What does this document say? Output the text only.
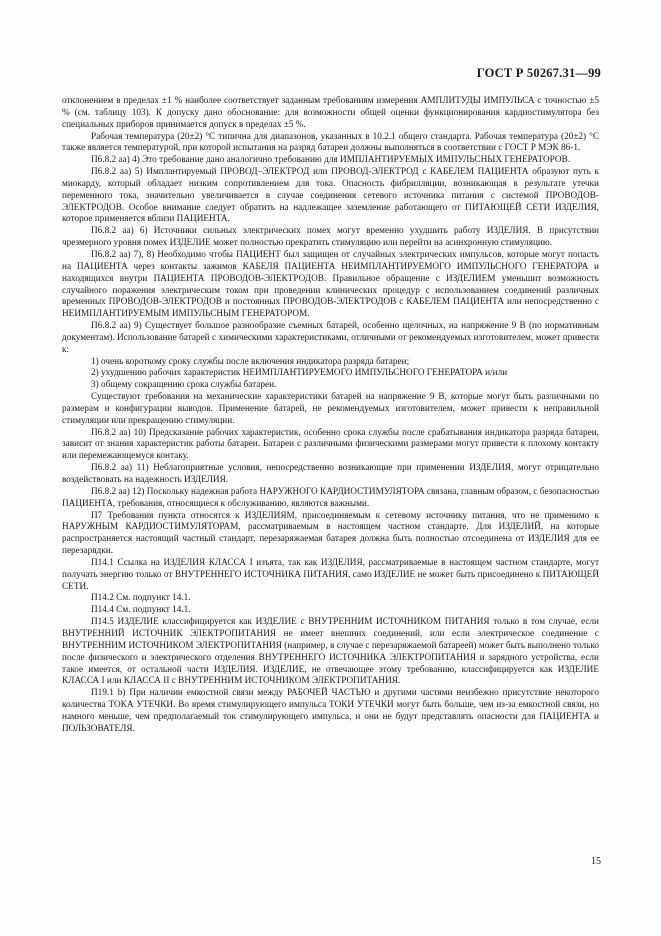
ГОСТ Р 50267.31—99

отклонением в пределах ±1 % наиболее соответствует заданным требованиям измерения АМПЛИТУДЫ ИМПУЛЬСА с точностью ±5 % (см. таблицу 103). К допуску дано обоснование: для возможности общей оценки функционирования кардиостимулятора без специальных приборов принимается допуск в пределах ±5 %.

Рабочая температура (20±2) °С типична для диапазонов, указанных в 10.2.1 общего стандарта. Рабочая температура (20±2) °С также является температурой, при которой испытания на разряд батареи должны выполняться в соответствии с ГОСТ Р МЭК 86-1.

П6.8.2 аа) 4) Это требование дано аналогично требованию для ИМПЛАНТИРУЕМЫХ ИМПУЛЬСНЫХ ГЕНЕРАТОРОВ.

П6.8.2 аа) 5) Имплантируемый ПРОВОД–ЭЛЕКТРОД или ПРОВОД-ЭЛЕКТРОД с КАБЕЛЕМ ПАЦИЕНТА образуют путь к миокарду, который обладает низким сопротивлением для тока. Опасность фибрилляции, возникающая в результате утечки переменного тока, значительно увеличивается в случае соединения сетевого источника питания с системой ПРОВОДОВ-ЭЛЕКТРОДОВ. Особое внимание следует обратить на надлежащее заземление работающего от ПИТАЮЩЕЙ СЕТИ ИЗДЕЛИЯ, которое применяется вблизи ПАЦИЕНТА.

П6.8.2 аа) 6) Источники сильных электрических помех могут временно ухудшить работу ИЗДЕЛИЯ. В присутствии чрезмерного уровня помех ИЗДЕЛИЕ может полностью прекратить стимуляцию или перейти на асинхронную стимуляцию.

П6.8.2 аа) 7), 8) Необходимо чтобы ПАЦИЕНТ был защищен от случайных электрических импульсов, которые могут попасть на ПАЦИЕНТА через контакты зажимов КАБЕЛЯ ПАЦИЕНТА НЕИМПЛАНТИРУЕМОГО ИМПУЛЬСНОГО ГЕНЕРАТОРА и находящихся внутри ПАЦИЕНТА ПРОВОДОВ-ЭЛЕКТРОДОВ. Правильное обращение с ИЗДЕЛИЕМ уменьшит возможность случайного поражения электрическим током при проведении клинических процедур с использованием соединений различных временных ПРОВОДОВ-ЭЛЕКТРОДОВ и постоянных ПРОВОДОВ-ЭЛЕКТРОДОВ с КАБЕЛЕМ ПАЦИЕНТА или непосредственно с НЕИМПЛАНТИРУЕМЫМ ИМПУЛЬСНЫМ ГЕНЕРАТОРОМ.

П6.8.2 аа) 9) Существует большое разнообразие съемных батарей, особенно щелочных, на напряжение 9 В (по нормативным документам). Использование батарей с химическими характеристиками, отличными от рекомендуемых изготовителем, может привести к:

1) очень короткому сроку службы после включения индикатора разряда батареи;

2) ухудшению рабочих характеристик НЕИМПЛАНТИРУЕМОГО ИМПУЛЬСНОГО ГЕНЕРАТОРА и/или

3) общему сокращению срока службы батареи.

Существуют требования на механические характеристики батарей на напряжение 9 В, которые могут быть различными по размерам и конфигурации выводов. Применение батарей, не рекомендуемых изготовителем, может привести к неправильной стимуляции или прекращению стимуляции.

П6.8.2 аа) 10) Предсказание рабочих характеристик, особенно срока службы после срабатывания индикатора разряда батареи, зависит от знания характеристик работы батареи. Батареи с различными физическими размерами могут привести к плохому контакту или перемежающемуся контаку.

П6.8.2 аа) 11) Неблагоприятные условия, непосредственно возникающие при применении ИЗДЕЛИЯ, могут отрицательно воздействовать на надежность ИЗДЕЛИЯ.

П6.8.2 аа) 12) Поскольку надежная работа НАРУЖНОГО КАРДИОСТИМУЛЯТОРА связана, главным образом, с безопасностью ПАЦИЕНТА, требования, относящиеся к обслуживанию, являются важными.

П7 Требования пункта относятся к ИЗДЕЛИЯМ, присоединяемым к сетевому источнику питания, что не применимо к НАРУЖНЫМ КАРДИОСТИМУЛЯТОРАМ, рассматриваемым в настоящем частном стандарте. Для ИЗДЕЛИЙ, на которые распространяется настоящий частный стандарт, перезаряжаемая батарея должна быть полностью отсоединена от ИЗДЕЛИЯ для ее перезарядки.

П14.1 Ссылка на ИЗДЕЛИЯ КЛАССА I изъята, так как ИЗДЕЛИЯ, рассматриваемые в настоящем частном стандарте, могут получать энергию только от ВНУТРЕННЕГО ИСТОЧНИКА ПИТАНИЯ, само ИЗДЕЛИЕ не может быть присоединено к ПИТАЮЩЕЙ СЕТИ.

П14.2 См. подпункт 14.1.

П14.4 См. подпункт 14.1.

П14.5 ИЗДЕЛИЕ классифицируется как ИЗДЕЛИЕ с ВНУТРЕННИМ ИСТОЧНИКОМ ПИТАНИЯ только в том случае, если ВНУТРЕННИЙ ИСТОЧНИК ЭЛЕКТРОПИТАНИЯ не имеет внешних соединений, или если электрическое соединение с ВНУТРЕННИМ ИСТОЧНИКОМ ЭЛЕКТРОПИТАНИЯ (например, в случае с перезаряжаемой батареей) может быть выполнено только после физического и электрического отделения ВНУТРЕННЕГО ИСТОЧНИКА ЭЛЕКТРОПИТАНИЯ и зарядного устройства, если такое имеется, от остальной части ИЗДЕЛИЯ. ИЗДЕЛИЕ, не отвечающее этому требованию, классифицируется как ИЗДЕЛИЕ КЛАССА I или КЛАССА II с ВНУТРЕННИМ ИСТОЧНИКОМ ЭЛЕКТРОПИТАНИЯ.

П19.1 b) При наличии емкостной связи между РАБОЧЕЙ ЧАСТЬЮ и другими частями неизбежно присутствие некоторого количества ТОКА УТЕЧКИ. Во время стимулирующего импульса ТОКИ УТЕЧКИ могут быть больше, чем из-за емкостной связи, но намного меньше, чем предполагаемый ток стимулирующего импульса, и они не будут представлять опасности для ПАЦИЕНТА и ПОЛЬЗОВАТЕЛЯ.

15
